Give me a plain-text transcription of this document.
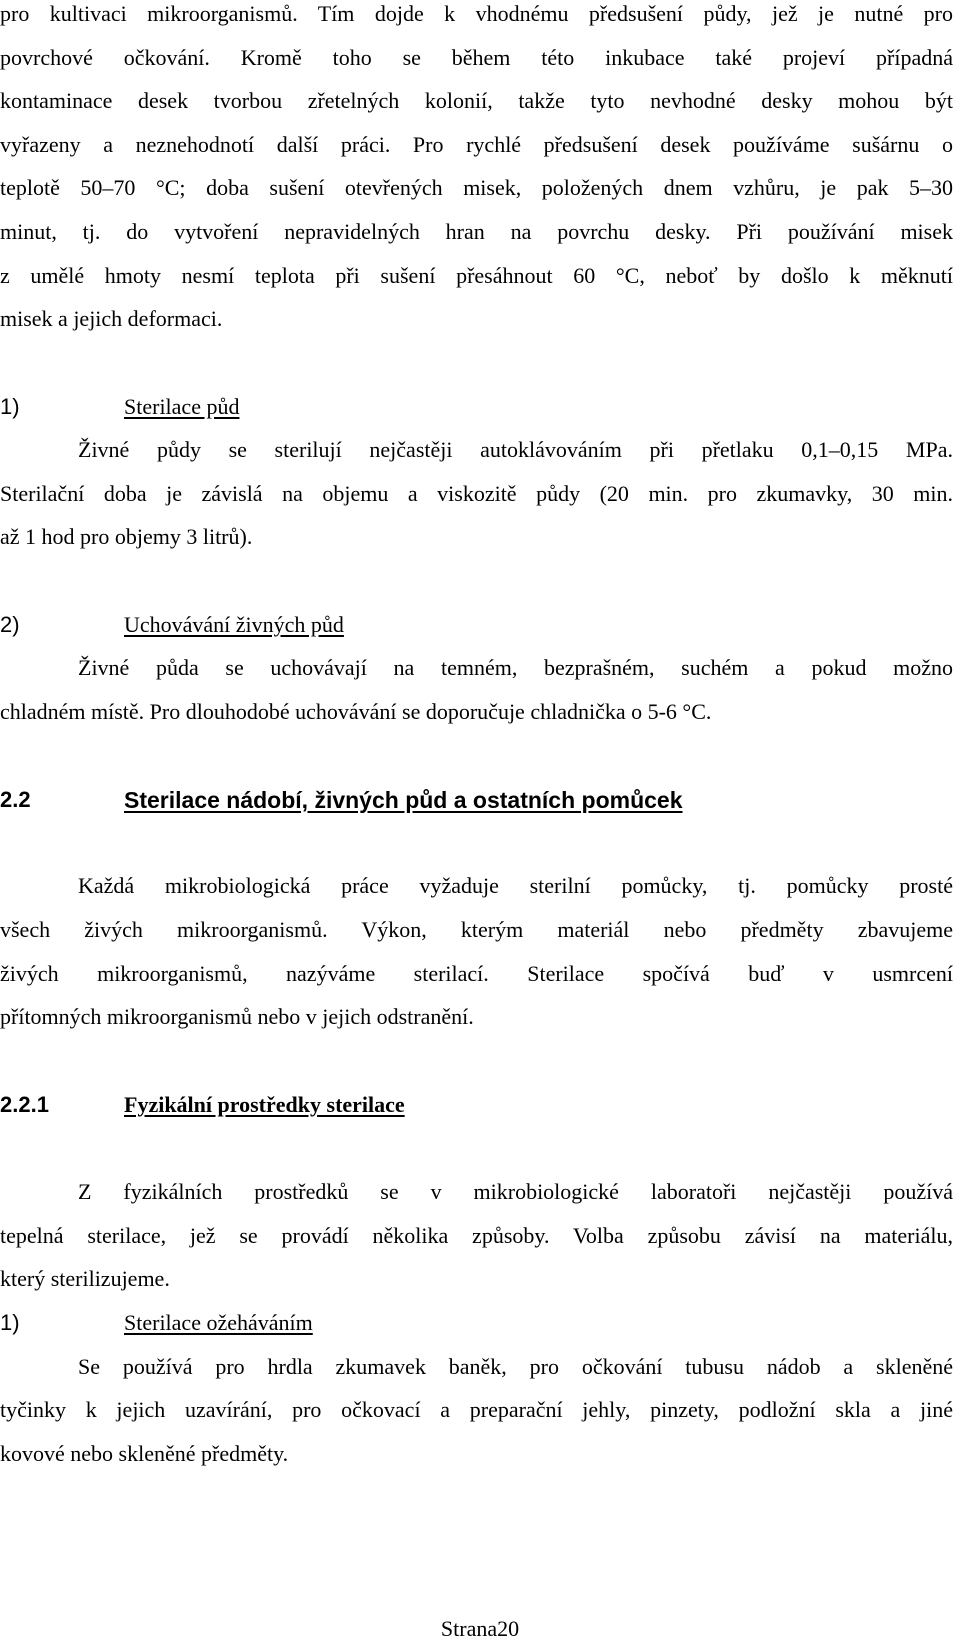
pro kultivaci mikroorganismů. Tím dojde k vhodnému předsušení půdy, jež je nutné pro
povrchové očkování. Kromě toho se během této inkubace také projeví případná
kontaminace desek tvorbou zřetelných kolonií, takže tyto nevhodné desky mohou být
vyřazeny a neznehodnotí další práci. Pro rychlé předsušení desek používáme sušárnu o
teplotě 50–70 °C; doba sušení otevřených misek, položených dnem vzhůru, je pak 5–30
minut, tj. do vytvoření nepravidelných hran na povrchu desky. Při používání misek
z umělé hmoty nesmí teplota při sušení přesáhnout 60 °C, neboť by došlo k měknutí
misek a jejich deformaci.
1)	Sterilace půd
Živné půdy se sterilují nejčastěji autoklávováním při přetlaku 0,1–0,15 MPa.
Sterilační doba je závislá na objemu a viskozitě půdy (20 min. pro zkumavky, 30 min.
až 1 hod pro objemy 3 litrů).
2)	Uchovávání živných půd
Živné půda se uchovávají na temném, bezprašném, suchém a pokud možno
chladném místě. Pro dlouhodobé uchovávání se doporučuje chladnička o 5-6 °C.
2.2	Sterilace nádobí, živných půd a ostatních pomůcek
Každá mikrobiologická práce vyžaduje sterilní pomůcky, tj. pomůcky prosté
všech živých mikroorganismů. Výkon, kterým materiál nebo předměty zbavujeme
živých mikroorganismů, nazýváme sterilací. Sterilace spočívá buď v usmrcení
přítomných mikroorganismů nebo v jejich odstranění.
2.2.1	Fyzikální prostředky sterilace
Z fyzikálních prostředků se v mikrobiologické laboratoři nejčastěji používá
tepelná sterilace, jež se provádí několika způsoby. Volba způsobu závisí na materiálu,
který sterilizujeme.
1)	Sterilace ožeháváním
Se používá pro hrdla zkumavek baněk, pro očkování tubusu nádob a skleněné
tyčinky k jejich uzavírání, pro očkovací a preparační jehly, pinzety, podložní skla a jiné
kovové nebo skleněné předměty.
Strana20
